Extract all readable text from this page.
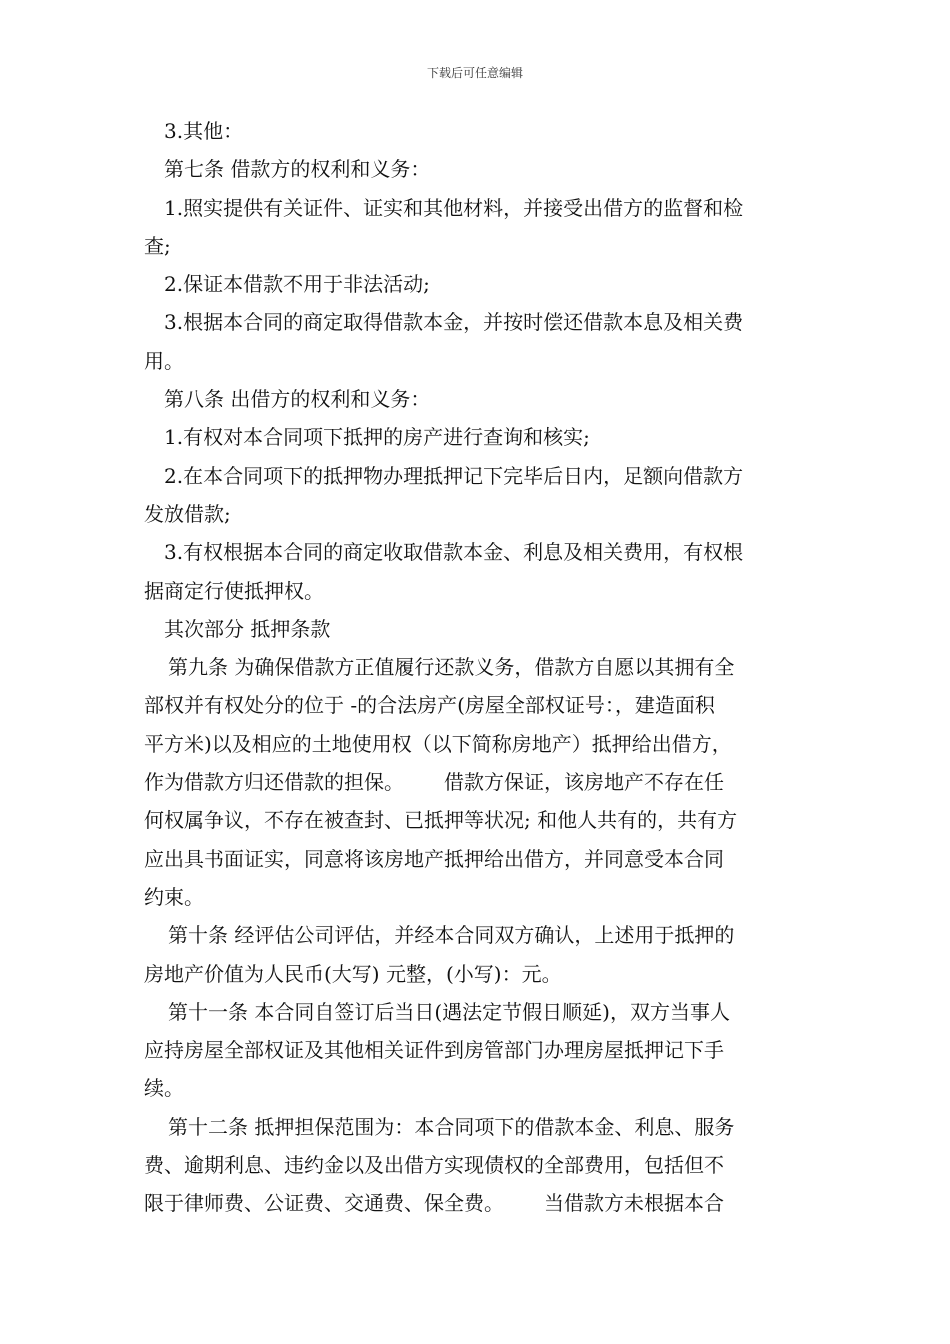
下载后可任意编辑
3.其他：
第七条 借款方的权利和义务：
1.照实提供有关证件、证实和其他材料，并接受出借方的监督和检
查;
2.保证本借款不用于非法活动;
3.根据本合同的商定取得借款本金，并按时偿还借款本息及相关费
用。
第八条 出借方的权利和义务：
1.有权对本合同项下抵押的房产进行查询和核实;
2.在本合同项下的抵押物办理抵押记下完毕后日内，足额向借款方
发放借款;
3.有权根据本合同的商定收取借款本金、利息及相关费用，有权根
据商定行使抵押权。
其次部分 抵押条款
第九条 为确保借款方正值履行还款义务，借款方自愿以其拥有全
部权并有权处分的位于 -的合法房产(房屋全部权证号：，建造面积
平方米)以及相应的土地使用权（以下简称房地产）抵押给出借方，
作为借款方归还借款的担保。 借款方保证，该房地产不存在任
何权属争议，不存在被查封、已抵押等状况; 和他人共有的，共有方
应出具书面证实，同意将该房地产抵押给出借方，并同意受本合同
约束。
第十条 经评估公司评估，并经本合同双方确认，上述用于抵押的
房地产价值为人民币(大写) 元整，(小写)：元。
第十一条 本合同自签订后当日(遇法定节假日顺延)，双方当事人
应持房屋全部权证及其他相关证件到房管部门办理房屋抵押记下手
续。
第十二条 抵押担保范围为：本合同项下的借款本金、利息、服务
费、逾期利息、违约金以及出借方实现债权的全部费用，包括但不
限于律师费、公证费、交通费、保全费。 当借款方未根据本合
